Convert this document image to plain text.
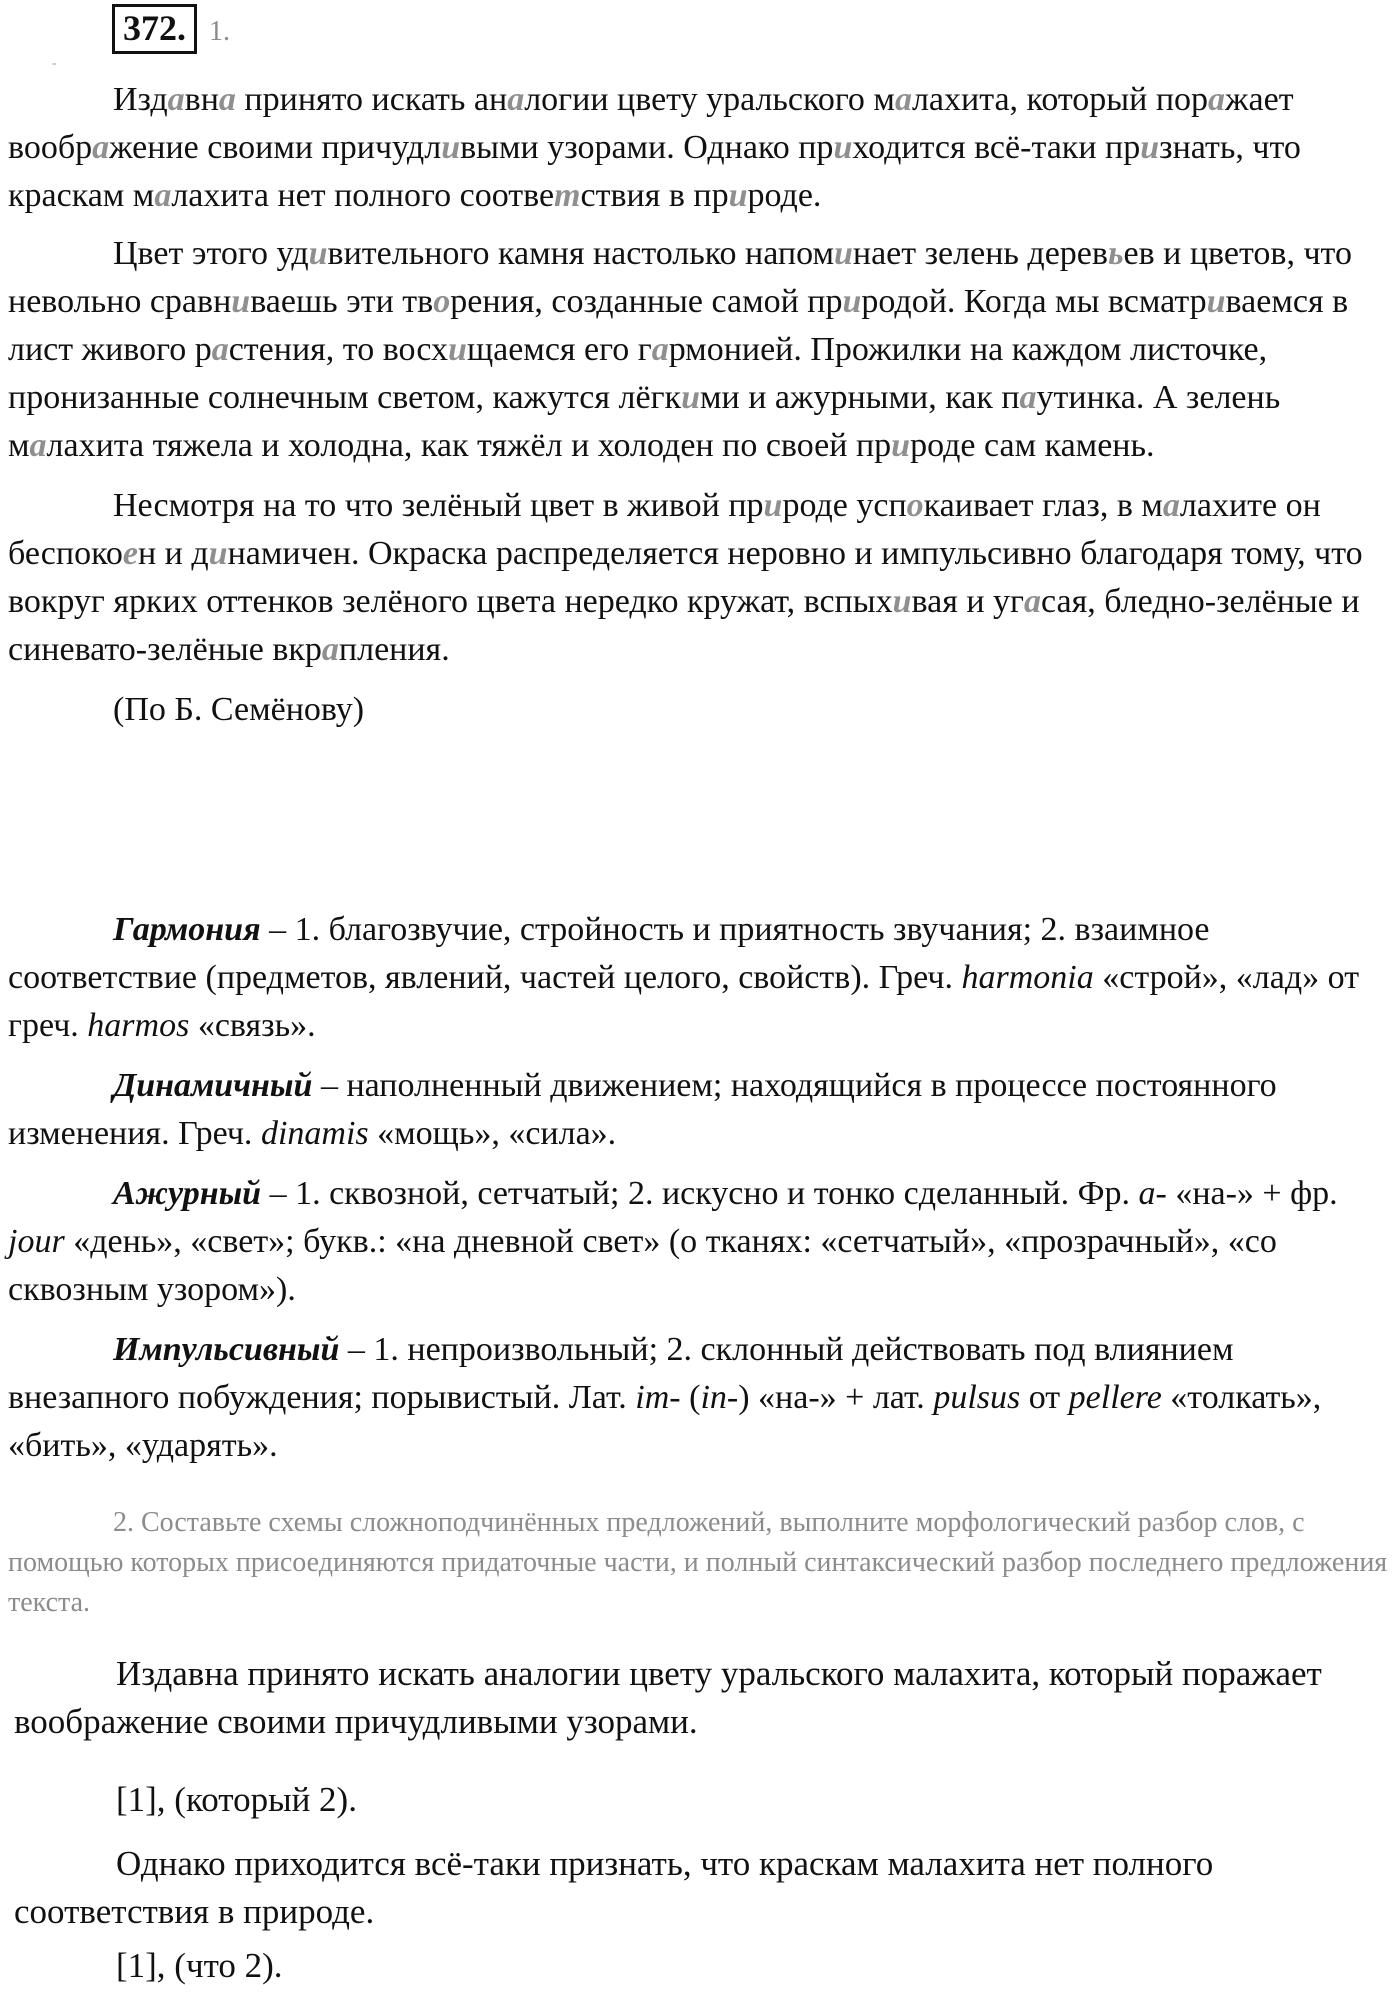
372. 1.
-

Издавна принято искать аналогии цвету уральского малахита, который поражает воображение своими причудливыми узорами. Однако приходится всё-таки признать, что краскам малахита нет полного соответствия в природе.

Цвет этого удивительного камня настолько напоминает зелень деревьев и цветов, что невольно сравниваешь эти творения, созданные самой природой. Когда мы всматриваемся в лист живого растения, то восхищаемся его гармонией. Прожилки на каждом листочке, пронизанные солнечным светом, кажутся лёгкими и ажурными, как паутинка. А зелень малахита тяжела и холодна, как тяжёл и холоден по своей природе сам камень.

Несмотря на то что зелёный цвет в живой природе успокаивает глаз, в малахите он беспокоен и динамичен. Окраска распределяется неровно и импульсивно благодаря тому, что вокруг ярких оттенков зелёного цвета нередко кружат, вспыхивая и угасая, бледно-зелёные и синевато-зелёные вкрапления.

(По Б. Семёнову)

Гармония – 1. благозвучие, стройность и приятность звучания; 2. взаимное соответствие (предметов, явлений, частей целого, свойств). Греч. harmonia «строй», «лад» от греч. harmos «связь».

Динамичный – наполненный движением; находящийся в процессе постоянного изменения. Греч. dinamis «мощь», «сила».

Ажурный – 1. сквозной, сетчатый; 2. искусно и тонко сделанный. Фр. a- «на-» + фр. jour «день», «свет»; букв.: «на дневной свет» (о тканях: «сетчатый», «прозрачный», «со сквозным узором»).

Импульсивный – 1. непроизвольный; 2. склонный действовать под влиянием внезапного побуждения; порывистый. Лат. im- (in-) «на-» + лат. pulsus от pellere «толкать», «бить», «ударять».

2. Составьте схемы сложноподчинённых предложений, выполните морфологический разбор слов, с помощью которых присоединяются придаточные части, и полный синтаксический разбор последнего предложения текста.

Издавна принято искать аналогии цвету уральского малахита, который поражает воображение своими причудливыми узорами.

[1], (который 2).

Однако приходится всё-таки признать, что краскам малахита нет полного соответствия в природе.

[1], (что 2).
